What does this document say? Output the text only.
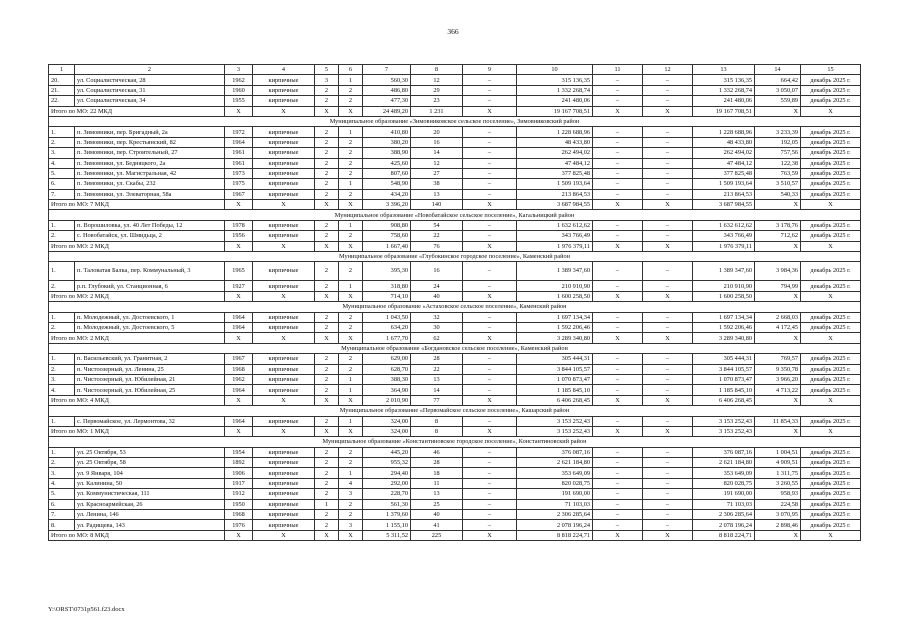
366
1	2	3	4	5	6	7	8	9	10	11	12	13	14	15
20.	ул. Социалистическая, 28	1962	кирпичные	3	1	560,30	12	–	315 136,35	–	–	315 136,35	664,42	декабрь 2025 г.
21.	ул. Социалистическая, 31	1960	кирпичные	2	2	486,80	29	–	1 332 268,74	–	–	1 332 268,74	3 050,07	декабрь 2025 г.
22.	ул. Социалистическая, 34	1955	кирпичные	2	2	477,30	23	–	241 480,06	–	–	241 480,06	559,89	декабрь 2025 г.
Итого по МО: 22 МКД		X	X	X	X	24 489,20	1 231	X	19 167 708,51	X	X	19 167 708,51	X	X
Муниципальное образование «Зимовниковское сельское поселение», Зимовниковский район														
1.	п. Зимовники, пер. Бригадный, 2а	1972	кирпичные	2	1	410,80	20	–	1 228 688,96	–	–	1 228 688,96	3 233,39	декабрь 2025 г.
2.	п. Зимовники, пер. Крестьянский, 82	1964	кирпичные	2	2	380,20	16	–	48 433,80	–	–	48 433,80	192,05	декабрь 2025 г.
3.	п. Зимовники, пер. Строительный, 27	1961	кирпичные	2	2	388,90	14	–	262 494,02	–	–	262 494,02	757,56	декабрь 2025 г.
4.	п. Зимовники, ул. Бедняцкого, 2а	1961	кирпичные	2	2	425,60	12	–	47 484,12	–	–	47 484,12	122,38	декабрь 2025 г.
5.	п. Зимовники, ул. Магистральная, 42	1973	кирпичные	2	2	807,60	27	–	377 825,48	–	–	377 825,48	763,59	декабрь 2025 г.
6.	п. Зимовники, ул. Скабы, 232	1975	кирпичные	2	1	548,90	38	–	1 509 193,64	–	–	1 509 193,64	3 510,57	декабрь 2025 г.
7.	п. Зимовники, ул. Элеваторная, 58а	1967	кирпичные	2	2	434,20	13	–	213 864,53	–	–	213 864,53	540,33	декабрь 2025 г.
Итого по МО: 7 МКД		X	X	X	X	3 396,20	140	X	3 687 984,55	X	X	3 687 984,55	X	X
Муниципальное образование «Новобатайское сельское поселение», Кагальницкий район														
1.	п. Ворошиловка, ул. 40 Лет Победы, 12	1978	кирпичные	2	1	908,80	54	–	1 632 612,62	–	–	1 632 612,62	3 178,76	декабрь 2025 г.
2.	с. Новобатайск, ул. Шмидьца, 2	1956	кирпичные	2	2	758,60	22	–	343 766,49	–	–	343 766,49	712,62	декабрь 2025 г.
Итого по МО: 2 МКД		X	X	X	X	1 667,40	76	X	1 976 379,11	X	X	1 976 379,11	X	X
Муниципальное образование «Глубокинское городское поселение», Каменский район														
1.	п. Таловатая Балка, пер. Коммунальный, 3	1965	кирпичные	2	2	395,30	16	–	1 389 347,60	–	–	1 389 347,60	3 984,36	декабрь 2025 г.
2.	р.п. Глубокий, ул. Станционная, 6	1927	кирпичные	2	1	318,80	24	–	210 910,90	–	–	210 910,90	794,99	декабрь 2025 г.
Итого по МО: 2 МКД		X	X	X	X	714,10	40	X	1 600 258,50	X	X	1 600 258,50	X	X
Муниципальное образование «Астаховское сельское поселение», Каменский район														
1.	п. Молодежный, ул. Достоевского, 1	1964	кирпичные	2	2	1 043,50	32	–	1 697 134,34	–	–	1 697 134,34	2 668,03	декабрь 2025 г.
2.	п. Молодежный, ул. Достоевского, 5	1964	кирпичные	2	2	634,20	30	–	1 592 206,46	–	–	1 592 206,46	4 172,45	декабрь 2025 г.
Итого по МО: 2 МКД		X	X	X	X	1 677,70	62	X	3 289 340,80	X	X	3 289 340,80	X	X
Муниципальное образование «Богдановское сельское поселение», Каменский район														
1.	п. Васильевский, ул. Гранитная, 2	1967	кирпичные	2	2	629,00	28	–	305 444,31	–	–	305 444,31	769,57	декабрь 2025 г.
2.	п. Чистоозерный, ул. Ленина, 25	1968	кирпичные	2	2	628,70	22	–	3 844 105,57	–	–	3 844 105,57	9 350,78	декабрь 2025 г.
3.	п. Чистоозерный, ул. Юбилейная, 21	1962	кирпичные	2	1	388,30	13	–	1 070 873,47	–	–	1 070 873,47	3 966,20	декабрь 2025 г.
4.	п. Чистоозерный, ул. Юбилейная, 25	1964	кирпичные	2	1	364,90	14	–	1 185 845,10	–	–	1 185 845,10	4 713,22	декабрь 2025 г.
Итого по МО: 4 МКД		X	X	X	X	2 010,90	77	X	6 406 268,45	X	X	6 406 268,45	X	X
Муниципальное образование «Первомайское сельское поселение», Кашарский район														
1.	с. Первомайское, ул. Лермонтова, 32	1964	кирпичные	2	1	324,00	8	–	3 153 252,43	–	–	3 153 252,43	11 854,33	декабрь 2025 г.
Итого по МО: 1 МКД		X	X	X	X	324,00	8	X	3 153 252,43	X	X	3 153 252,43	X	X
Муниципальное образование «Константиновское городское поселение», Константиновский район														
1.	ул. 25 Октября, 53	1954	кирпичные	2	2	445,20	46	–	376 087,16	–	–	376 087,16	1 004,51	декабрь 2025 г.
2.	ул. 25 Октября, 58	1892	кирпичные	2	2	955,32	28	–	2 621 184,80	–	–	2 621 184,80	4 909,51	декабрь 2025 г.
3.	ул. 9 Января, 104	1906	кирпичные	2	1	294,40	18	–	353 649,09	–	–	353 649,09	1 311,75	декабрь 2025 г.
4.	ул. Калинина, 50	1917	кирпичные	2	4	292,00	11	–	820 028,75	–	–	820 028,75	3 260,55	декабрь 2025 г.
5.	ул. Коммунистическая, 111	1912	кирпичные	2	3	228,70	13	–	191 690,00	–	–	191 690,00	958,93	декабрь 2025 г.
6.	ул. Красноармейская, 26	1950	кирпичные	1	2	561,30	25	–	71 103,03	–	–	71 103,03	224,58	декабрь 2025 г.
7.	ул. Ленина, 146	1968	кирпичные	2	2	1 379,60	40	–	2 306 285,64	–	–	2 306 285,64	3 070,95	декабрь 2025 г.
8.	ул. Радищева, 143	1976	кирпичные	2	3	1 155,10	41	–	2 078 196,24	–	–	2 078 196,24	2 898,46	декабрь 2025 г.
Итого по МО: 8 МКД		X	X	X	X	5 311,52	225	X	8 818 224,71	X	X	8 818 224,71	X	X
Y:\ORST\0731p561.f23.docx
